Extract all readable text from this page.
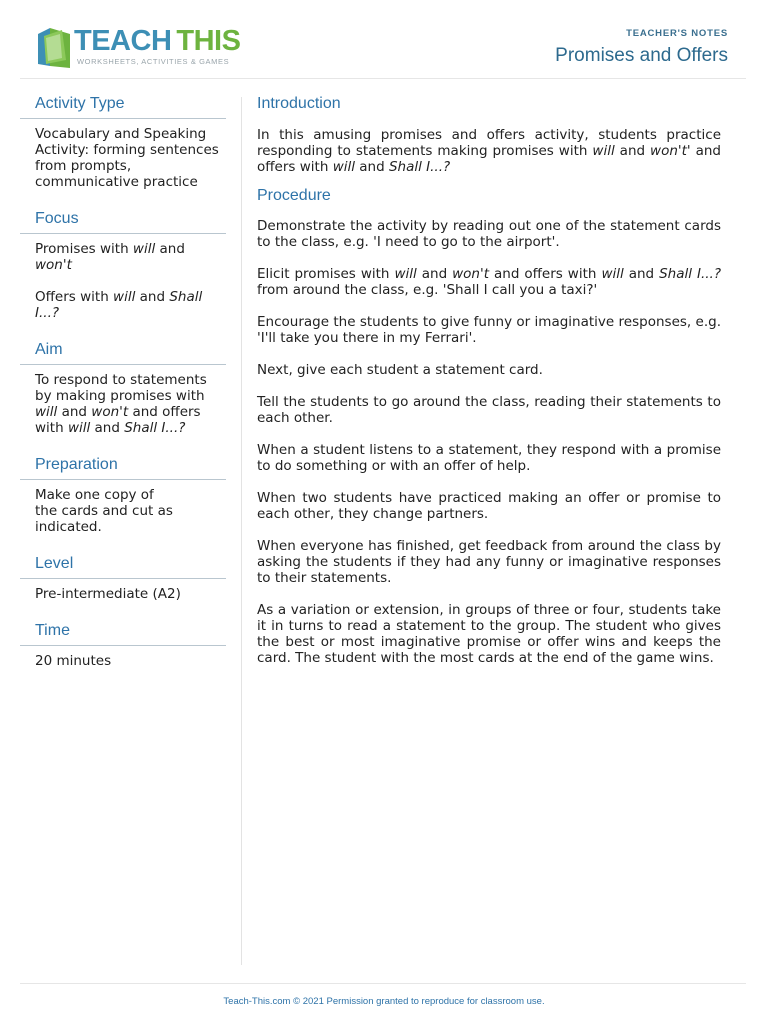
TEACH THIS
WORKSHEETS, ACTIVITIES & GAMES
TEACHER'S NOTES
Promises and Offers
Activity Type

Vocabulary and Speaking Activity: forming sentences from prompts, communicative practice

Focus

Promises with will and won't

Offers with will and Shall I...?

Aim

To respond to statements by making promises with will and won't and offers with will and Shall I...?

Preparation

Make one copy of
the cards and cut as indicated.

Level

Pre-intermediate (A2)

Time

20 minutes

Introduction

In this amusing promises and offers activity, students practice responding to statements making promises with will and won't' and offers with will and Shall I...?

Procedure

Demonstrate the activity by reading out one of the statement cards to the class, e.g. 'I need to go to the airport'.

Elicit promises with will and won't and offers with will and Shall I...? from around the class, e.g. 'Shall I call you a taxi?'

Encourage the students to give funny or imaginative responses, e.g. 'I'll take you there in my Ferrari'.

Next, give each student a statement card.

Tell the students to go around the class, reading their statements to each other.

When a student listens to a statement, they respond with a promise to do something or with an offer of help.

When two students have practiced making an offer or promise to each other, they change partners.

When everyone has finished, get feedback from around the class by asking the students if they had any funny or imaginative responses to their statements.

As a variation or extension, in groups of three or four, students take it in turns to read a statement to the group. The student who gives the best or most imaginative promise or offer wins and keeps the card. The student with the most cards at the end of the game wins.

Teach-This.com © 2021 Permission granted to reproduce for classroom use.
